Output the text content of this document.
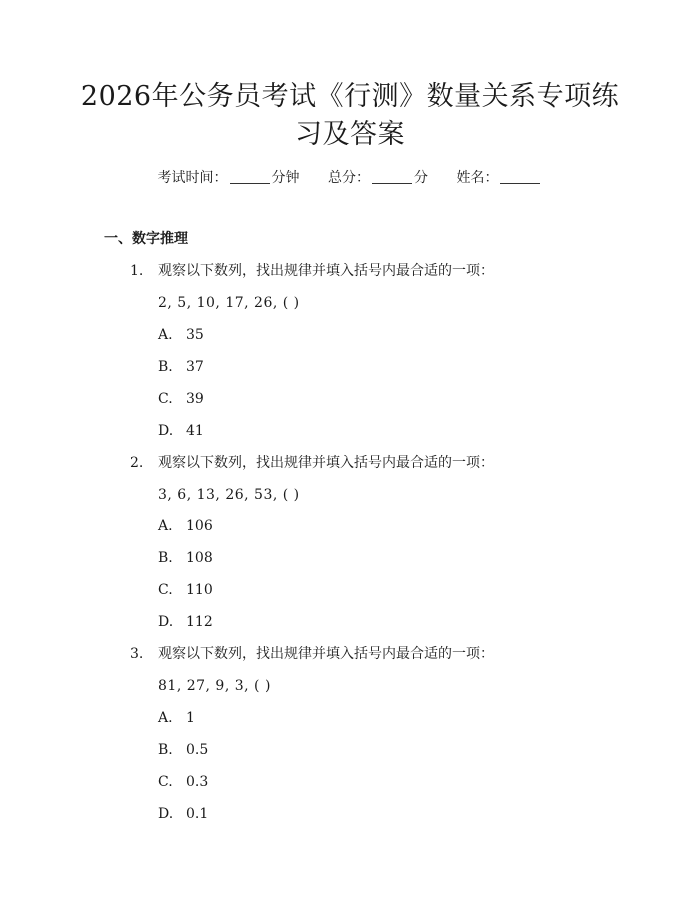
2026年公务员考试《行测》数量关系专项练习及答案
考试时间：	分钟 总分：	分 姓名：
一、数字推理
1. 观察以下数列，找出规律并填入括号内最合适的一项：
2, 5, 10, 17, 26, ( )
A. 35
B. 37
C. 39
D. 41
2. 观察以下数列，找出规律并填入括号内最合适的一项：
3, 6, 13, 26, 53, ( )
A. 106
B. 108
C. 110
D. 112
3. 观察以下数列，找出规律并填入括号内最合适的一项：
81, 27, 9, 3, ( )
A. 1
B. 0.5
C. 0.3
D. 0.1
